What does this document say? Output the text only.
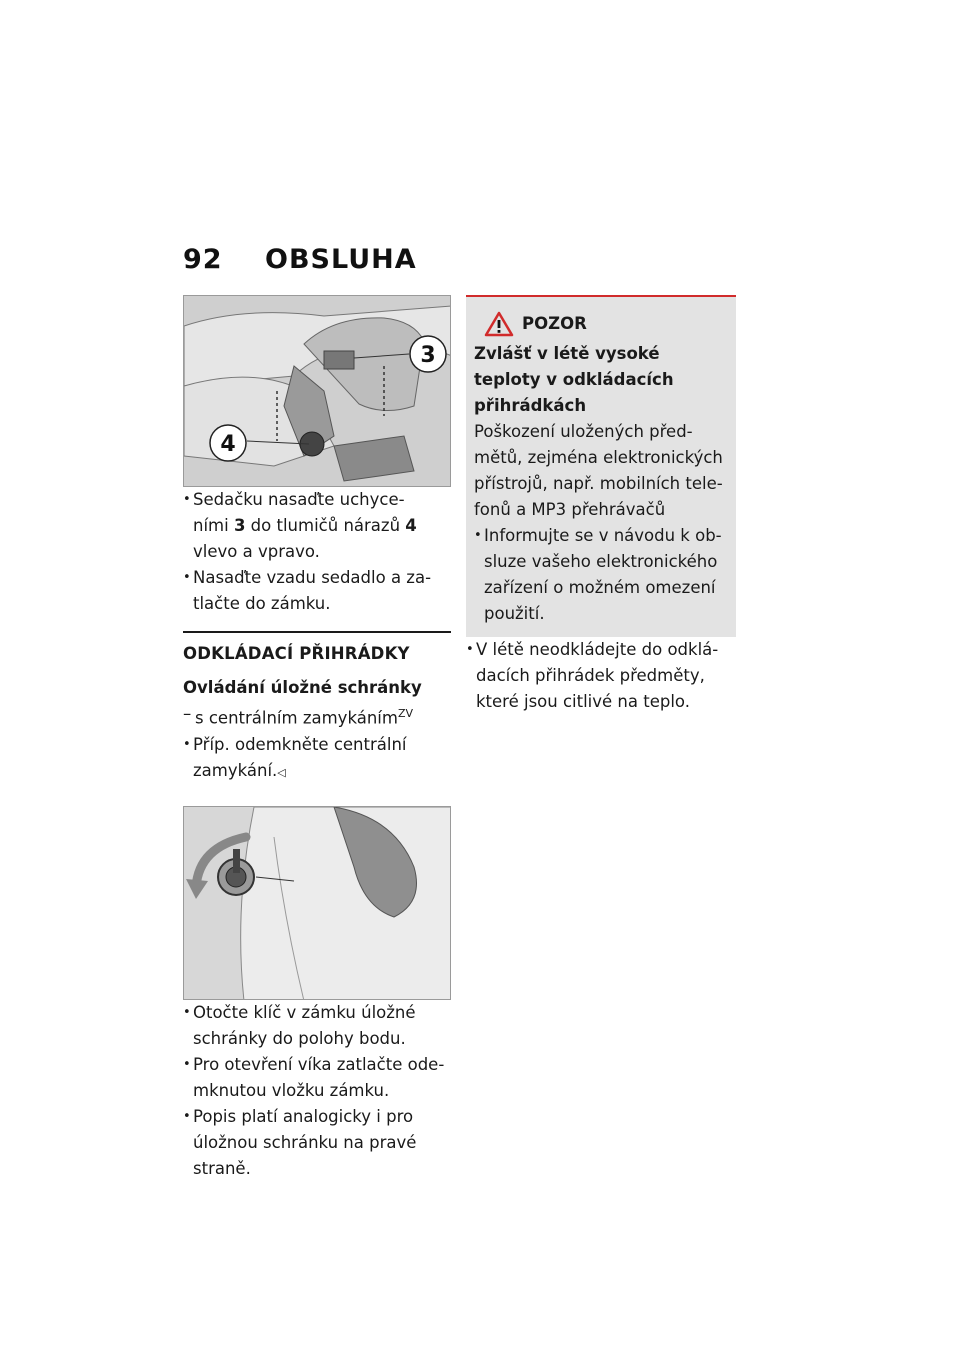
92 OBSLUHA
3
4
• Sedačku nasaďte uchyce-
ními 3 do tlumičů nárazů 4
vlevo a vpravo.
• Nasaďte vzadu sedadlo a za-
tlačte do zámku.
ODKLÁDACÍ PŘIHRÁDKY
Ovládání úložné schránky
– s centrálním zamykáním$^{ZV}$
• Příp. odemkněte centrální zamykání.◁
• Otočte klíč v zámku úložné schránky do polohy bodu.
• Pro otevření víka zatlačte ode-mknutou vložku zámku.
• Popis platí analogicky i pro úložnou schránku na pravé straně.
POZOR
Zvlášť v létě vysoké teploty v odkládacích přihrádkách
Poškození uložených před-mětů, zejména elektronických přístrojů, např. mobilních tele-fonů a MP3 přehrávačů
• Informujte se v návodu k ob-sluze vašeho elektronického zařízení o možném omezení použití.
• V létě neodkládejte do odklá-dacích přihrádek předměty, které jsou citlivé na teplo.
